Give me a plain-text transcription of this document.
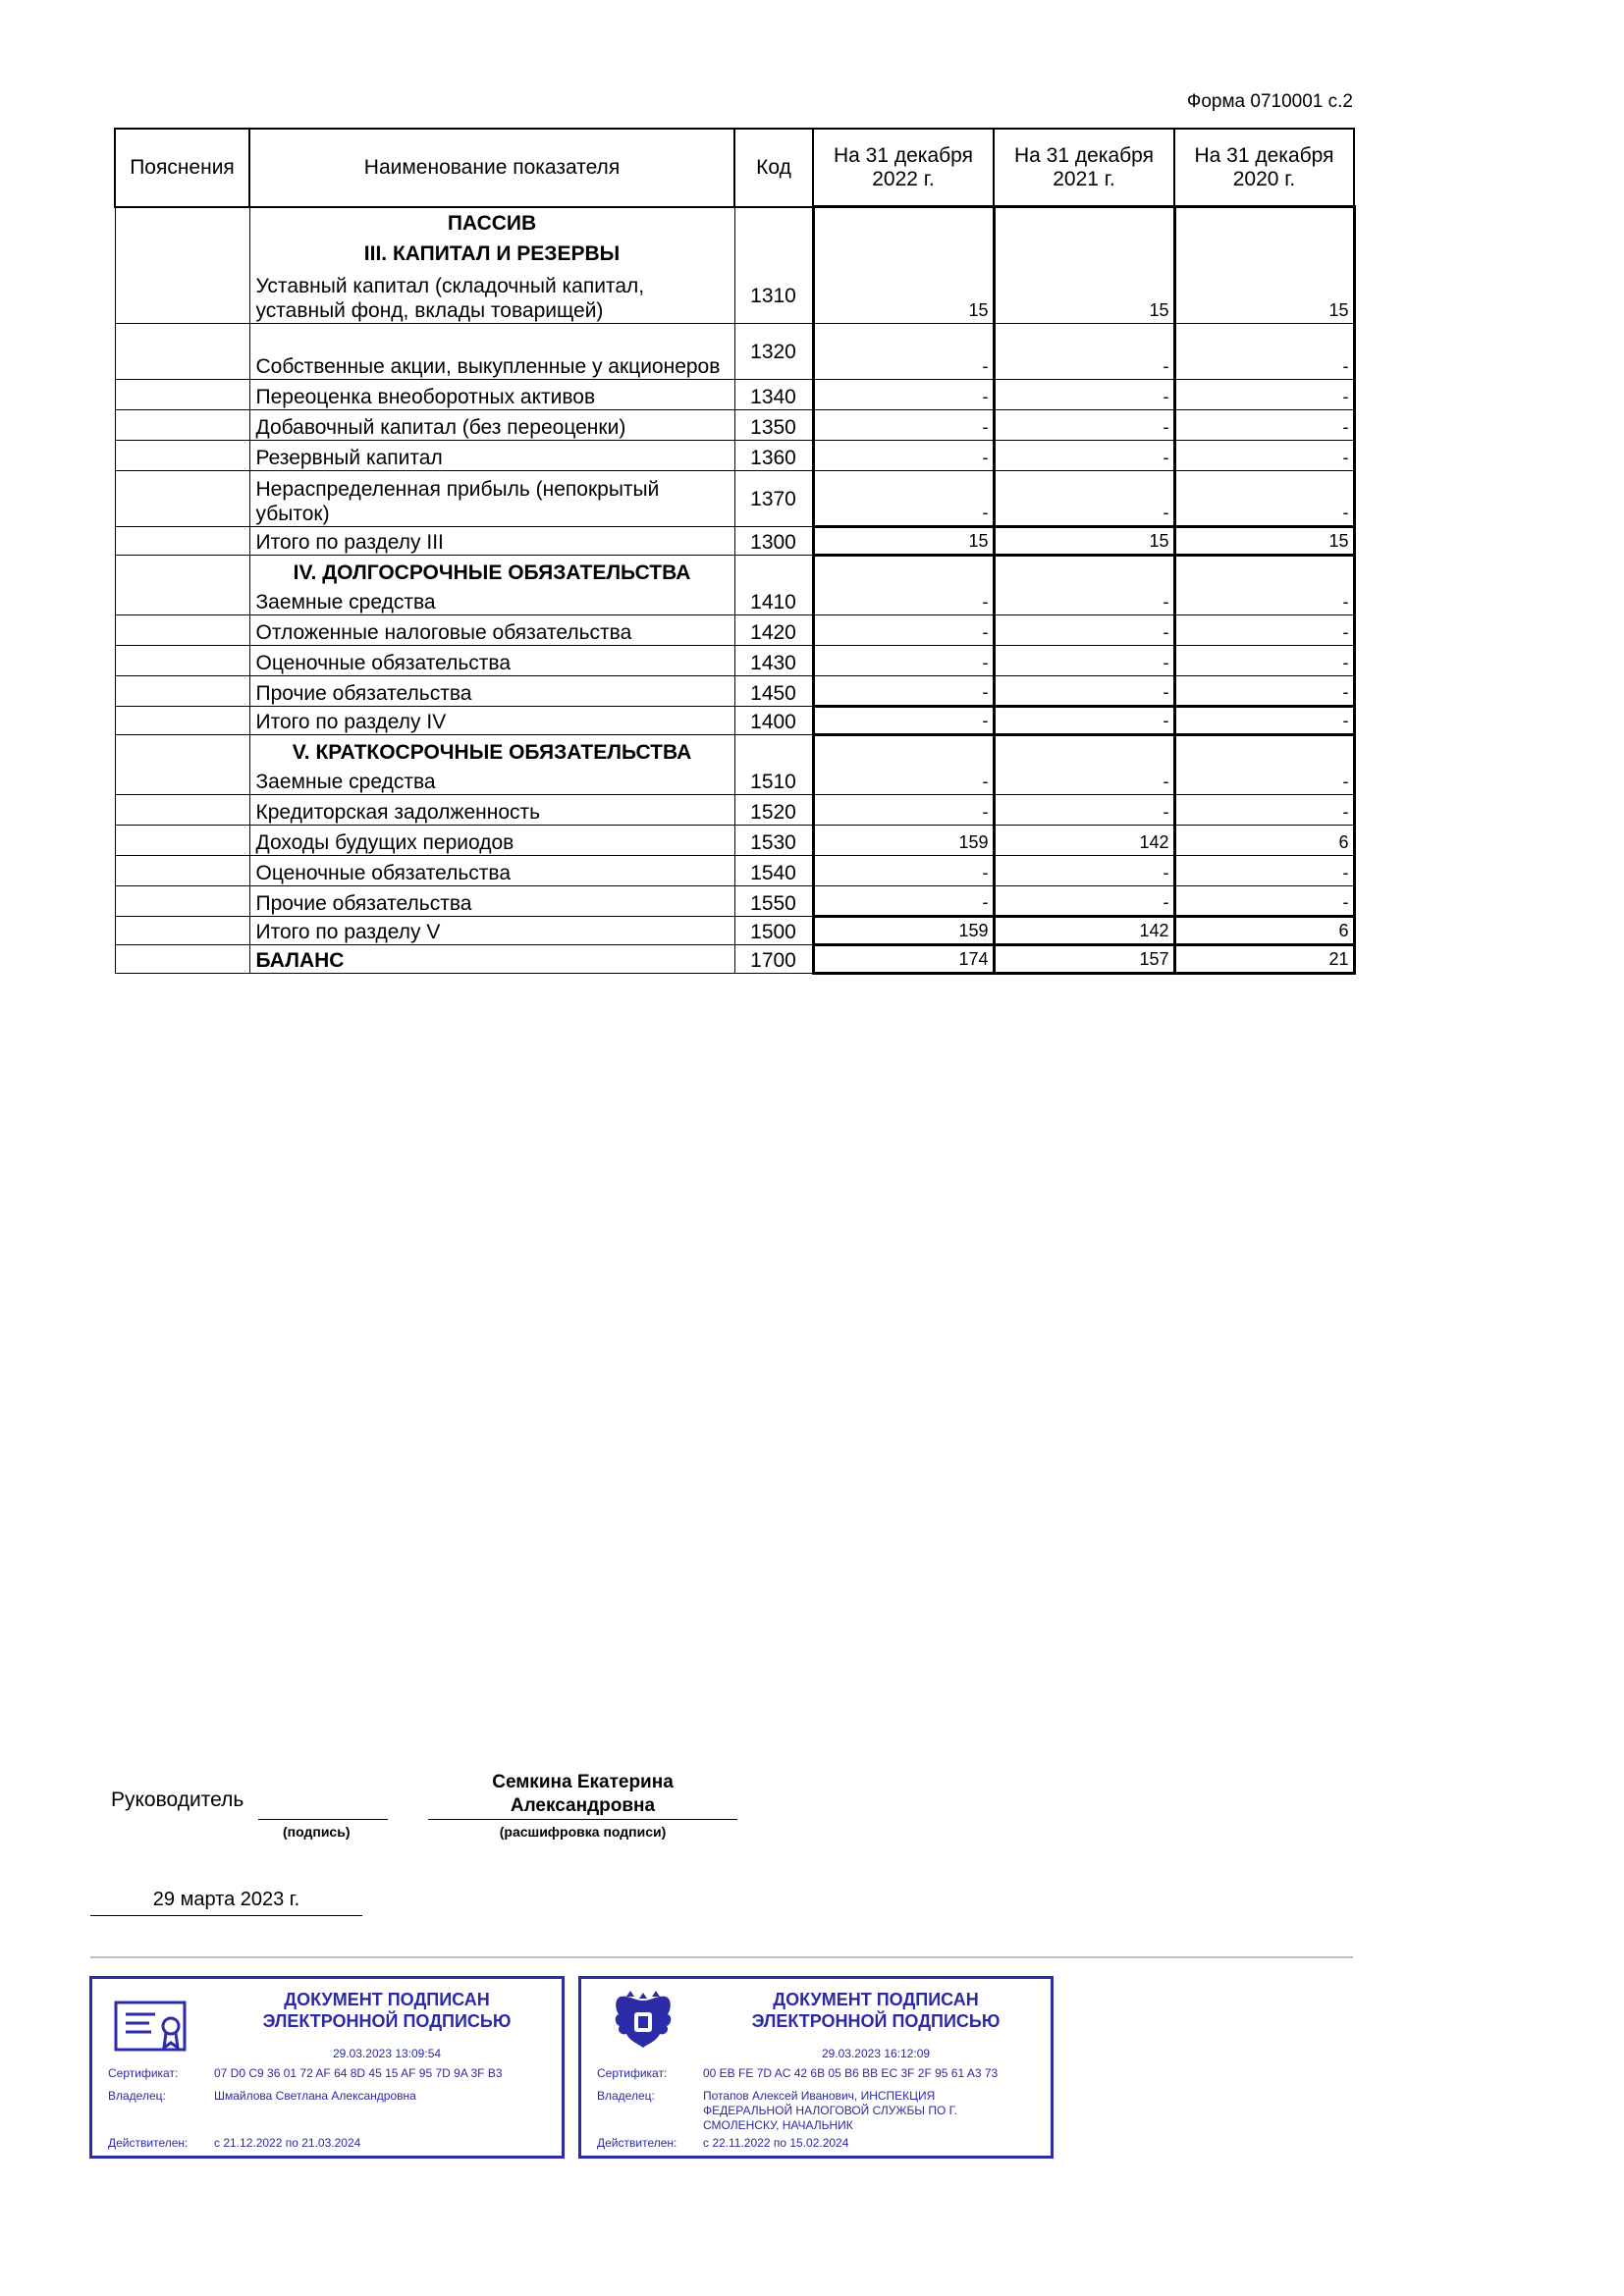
Форма 0710001 с.2
Пояснения	Наименование показателя	Код	На 31 декабря 2022 г.	На 31 декабря 2021 г.	На 31 декабря 2020 г.
	ПАССИВ				
	III. КАПИТАЛ И РЕЗЕРВЫ				
	Уставный капитал (складочный капитал, уставный фонд, вклады товарищей)	1310	15	15	15
	Собственные акции, выкупленные у акционеров	1320	-	-	-
	Переоценка внеоборотных активов	1340	-	-	-
	Добавочный капитал (без переоценки)	1350	-	-	-
	Резервный капитал	1360	-	-	-
	Нераспределенная прибыль (непокрытый убыток)	1370	-	-	-
	Итого по разделу III	1300	15	15	15
	IV. ДОЛГОСРОЧНЫЕ ОБЯЗАТЕЛЬСТВА				
	Заемные средства	1410	-	-	-
	Отложенные налоговые обязательства	1420	-	-	-
	Оценочные обязательства	1430	-	-	-
	Прочие обязательства	1450	-	-	-
	Итого по разделу IV	1400	-	-	-
	V. КРАТКОСРОЧНЫЕ ОБЯЗАТЕЛЬСТВА				
	Заемные средства	1510	-	-	-
	Кредиторская задолженность	1520	-	-	-
	Доходы будущих периодов	1530	159	142	6
	Оценочные обязательства	1540	-	-	-
	Прочие обязательства	1550	-	-	-
	Итого по разделу V	1500	159	142	6
	БАЛАНС	1700	174	157	21
Руководитель
(подпись)
Семкина Екатерина Александровна
(расшифровка подписи)
29 марта 2023 г.
ДОКУМЕНТ ПОДПИСАН ЭЛЕКТРОННОЙ ПОДПИСЬЮ
29.03.2023 13:09:54
Сертификат:	07 D0 C9 36 01 72 AF 64 8D 45 15 AF 95 7D 9A 3F B3
Владелец:	Шмайлова Светлана Александровна
Действителен: с 21.12.2022 по 21.03.2024
ДОКУМЕНТ ПОДПИСАН ЭЛЕКТРОННОЙ ПОДПИСЬЮ
29.03.2023 16:12:09
Сертификат:	00 EB FE 7D AC 42 6B 05 B6 BB EC 3F 2F 95 61 A3 73
Владелец:	Потапов Алексей Иванович, ИНСПЕКЦИЯ ФЕДЕРАЛЬНОЙ НАЛОГОВОЙ СЛУЖБЫ ПО Г. СМОЛЕНСКУ, НАЧАЛЬНИК
Действителен: с 22.11.2022 по 15.02.2024
